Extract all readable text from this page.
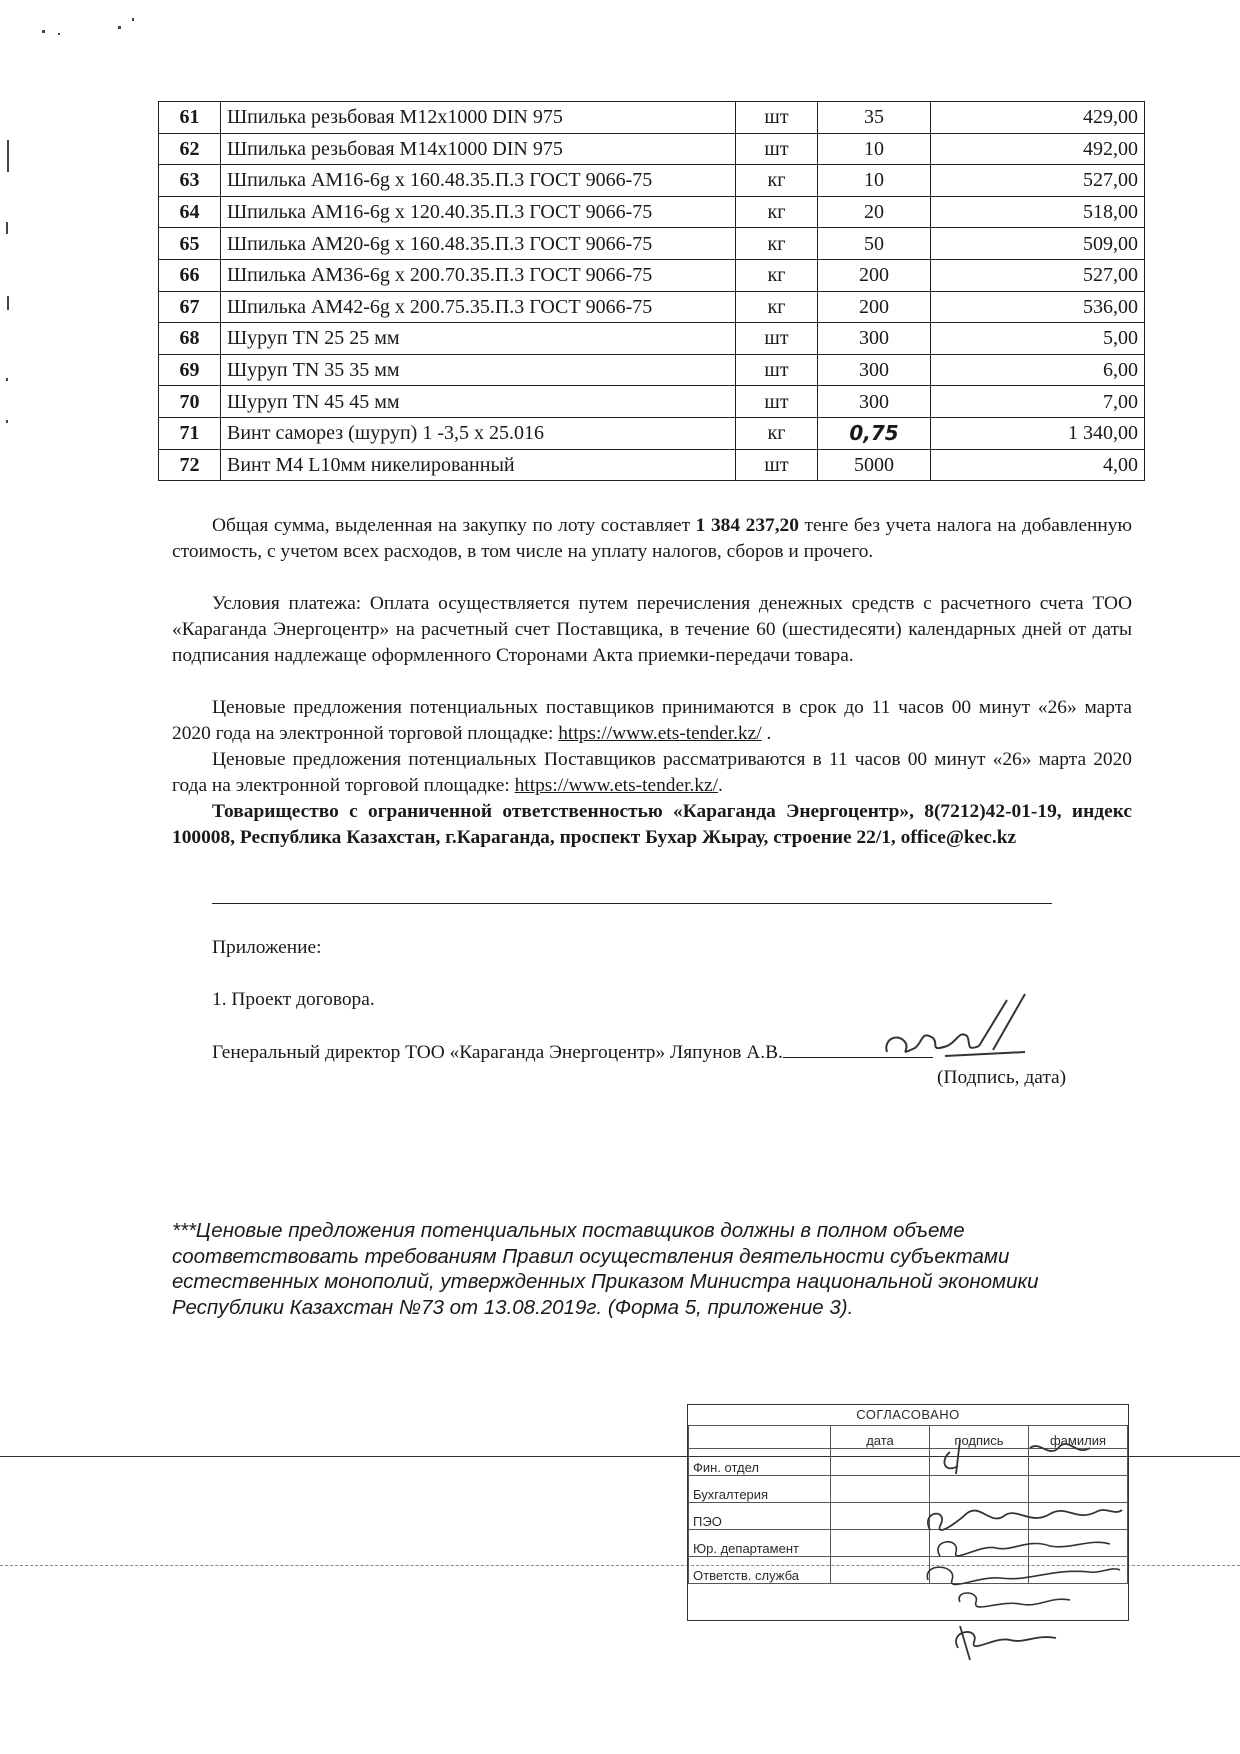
61	Шпилька резьбовая М12х1000 DIN 975	шт	35	429,00
62	Шпилька резьбовая М14х1000 DIN 975	шт	10	492,00
63	Шпилька АМ16-6g х 160.48.35.П.3 ГОСТ 9066-75	кг	10	527,00
64	Шпилька АМ16-6g х 120.40.35.П.3 ГОСТ 9066-75	кг	20	518,00
65	Шпилька АМ20-6g х 160.48.35.П.3 ГОСТ 9066-75	кг	50	509,00
66	Шпилька АМ36-6g х 200.70.35.П.3 ГОСТ 9066-75	кг	200	527,00
67	Шпилька АМ42-6g х 200.75.35.П.3 ГОСТ 9066-75	кг	200	536,00
68	Шуруп TN 25 25 мм	шт	300	5,00
69	Шуруп TN 35 35 мм	шт	300	6,00
70	Шуруп TN 45 45 мм	шт	300	7,00
71	Винт саморез (шуруп) 1 -3,5 х 25.016	кг	0,75	1 340,00
72	Винт М4 L10мм никелированный	шт	5000	4,00

Общая сумма, выделенная на закупку по лоту составляет 1 384 237,20 тенге без учета налога на добавленную стоимость, с учетом всех расходов, в том числе на уплату налогов, сборов и прочего.

Условия платежа: Оплата осуществляется путем перечисления денежных средств с расчетного счета ТОО «Караганда Энергоцентр» на расчетный счет Поставщика, в течение 60 (шестидесяти) календарных дней от даты подписания надлежаще оформленного Сторонами Акта приемки-передачи товара.

Ценовые предложения потенциальных поставщиков принимаются в срок до 11 часов 00 минут «26» марта 2020 года на электронной торговой площадке: https://www.ets-tender.kz/ .

Ценовые предложения потенциальных Поставщиков рассматриваются в 11 часов 00 минут «26» марта 2020 года на электронной торговой площадке: https://www.ets-tender.kz/.

Товарищество с ограниченной ответственностью «Караганда Энергоцентр», 8(7212)42-01-19, индекс 100008, Республика Казахстан, г.Караганда, проспект Бухар Жырау, строение 22/1, office@kec.kz

Приложение:
1. Проект договора.
Генеральный директор ТОО «Караганда Энергоцентр» Ляпунов А.В.
(Подпись, дата)

***Ценовые предложения потенциальных поставщиков должны в полном объеме соответствовать требованиям Правил осуществления деятельности субъектами естественных монополий, утвержденных Приказом Министра национальной экономики Республики Казахстан №73 от 13.08.2019г. (Форма 5, приложение 3).

СОГЛАСОВАНО
	дата	подпись	фамилия
Фин. отдел			
Бухгалтерия			
ПЭО			
Юр. департамент			
Ответств. служба			
